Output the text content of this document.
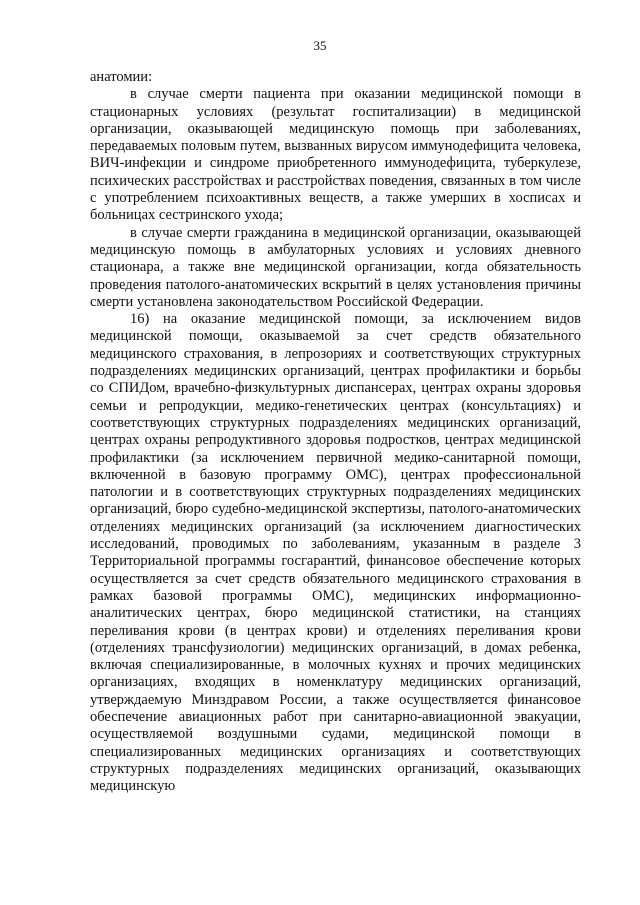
35

анатомии:

в случае смерти пациента при оказании медицинской помощи в стационарных условиях (результат госпитализации) в медицинской организации, оказывающей медицинскую помощь при заболеваниях, передаваемых половым путем, вызванных вирусом иммунодефицита человека, ВИЧ-инфекции и синдроме приобретенного иммунодефицита, туберкулезе, психических расстройствах и расстройствах поведения, связанных в том числе с употреблением психоактивных веществ, а также умерших в хосписах и больницах сестринского ухода;

в случае смерти гражданина в медицинской организации, оказывающей медицинскую помощь в амбулаторных условиях и условиях дневного стационара, а также вне медицинской организации, когда обязательность проведения патолого-анатомических вскрытий в целях установления причины смерти установлена законодательством Российской Федерации.

16) на оказание медицинской помощи, за исключением видов медицинской помощи, оказываемой за счет средств обязательного медицинского страхования, в лепрозориях и соответствующих структурных подразделениях медицинских организаций, центрах профилактики и борьбы со СПИДом, врачебно-физкультурных диспансерах, центрах охраны здоровья семьи и репродукции, медико-генетических центрах (консультациях) и соответствующих структурных подразделениях медицинских организаций, центрах охраны репродуктивного здоровья подростков, центрах медицинской профилактики (за исключением первичной медико-санитарной помощи, включенной в базовую программу ОМС), центрах профессиональной патологии и в соответствующих структурных подразделениях медицинских организаций, бюро судебно-медицинской экспертизы, патолого-анатомических отделениях медицинских организаций (за исключением диагностических исследований, проводимых по заболеваниям, указанным в разделе 3 Территориальной программы госгарантий, финансовое обеспечение которых осуществляется за счет средств обязательного медицинского страхования в рамках базовой программы ОМС), медицинских информационно-аналитических центрах, бюро медицинской статистики, на станциях переливания крови (в центрах крови) и отделениях переливания крови (отделениях трансфузиологии) медицинских организаций, в домах ребенка, включая специализированные, в молочных кухнях и прочих медицинских организациях, входящих в номенклатуру медицинских организаций, утверждаемую Минздравом России, а также осуществляется финансовое обеспечение авиационных работ при санитарно-авиационной эвакуации, осуществляемой воздушными судами, медицинской помощи в специализированных медицинских организациях и соответствующих структурных подразделениях медицинских организаций, оказывающих медицинскую
